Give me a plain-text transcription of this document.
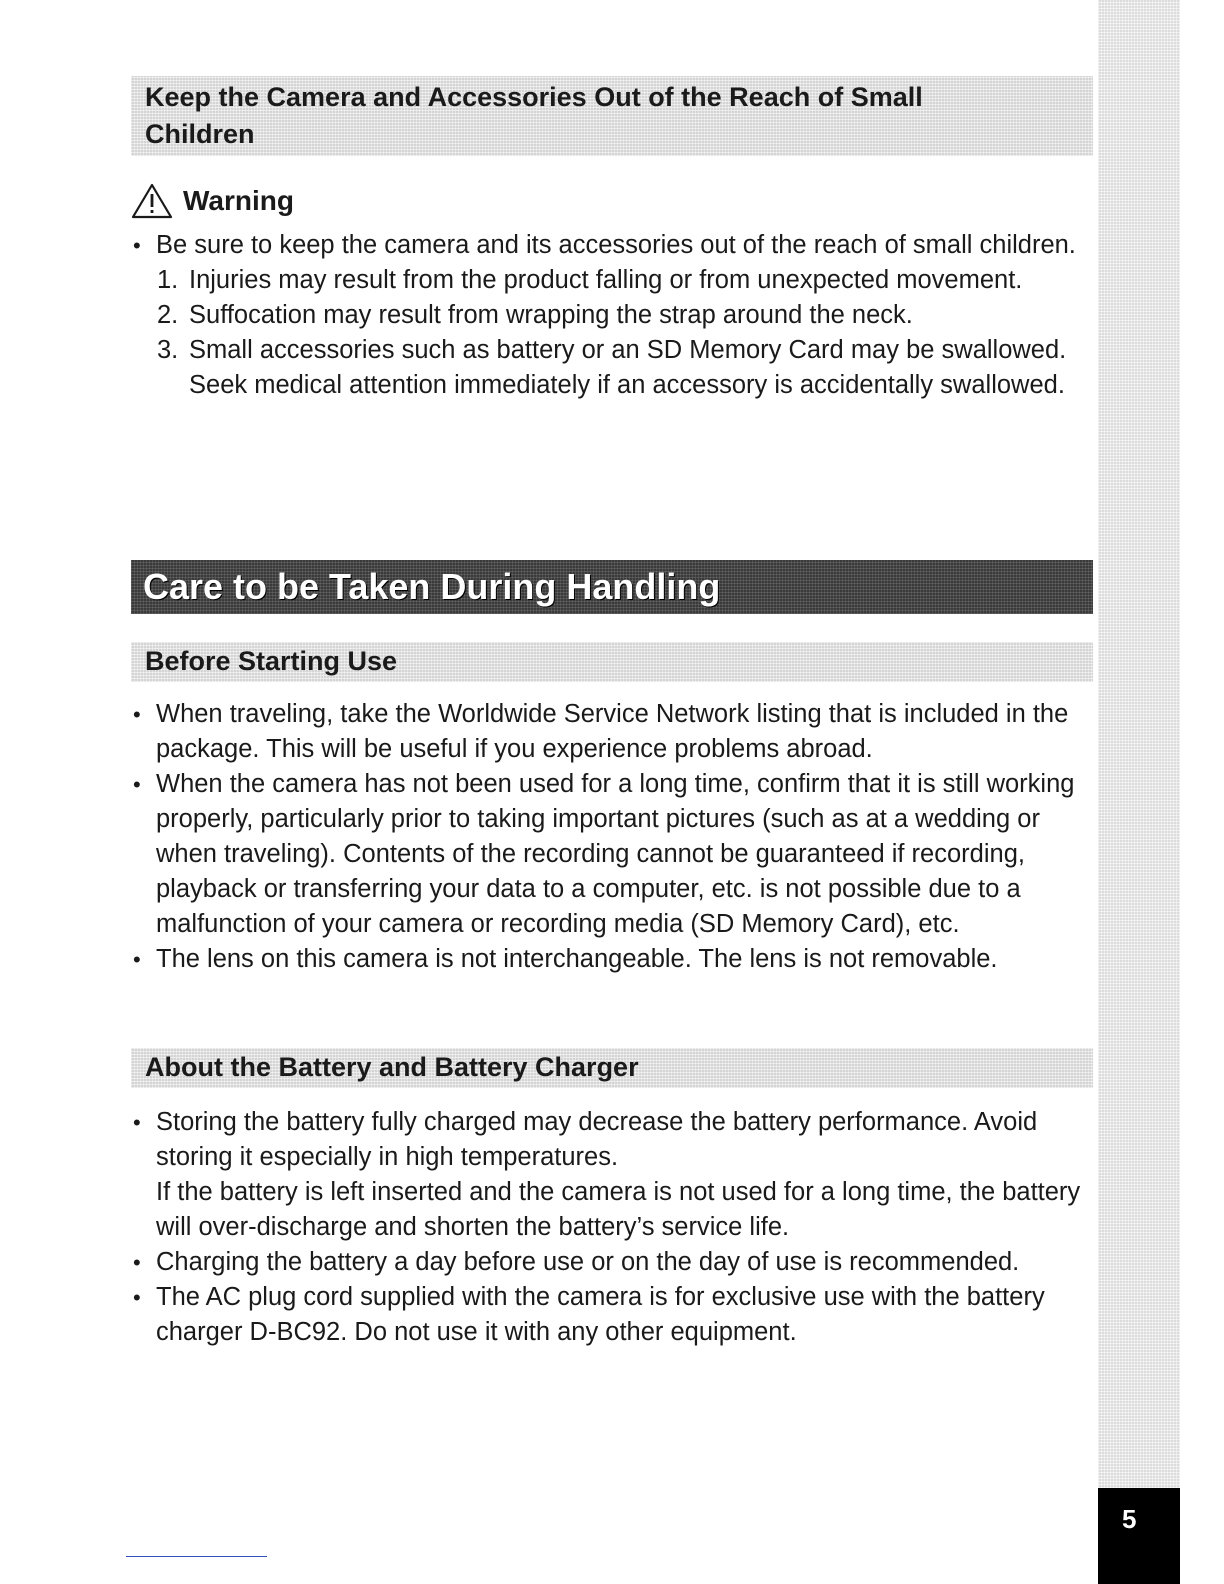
5
Keep the Camera and Accessories Out of the Reach of Small
Children
Warning
• Be sure to keep the camera and its accessories out of the reach of small children.
1. Injuries may result from the product falling or from unexpected movement.
2. Suffocation may result from wrapping the strap around the neck.
3. Small accessories such as battery or an SD Memory Card may be swallowed. Seek medical attention immediately if an accessory is accidentally swallowed.
Care to be Taken During Handling
Before Starting Use
• When traveling, take the Worldwide Service Network listing that is included in the package. This will be useful if you experience problems abroad.
• When the camera has not been used for a long time, confirm that it is still working properly, particularly prior to taking important pictures (such as at a wedding or when traveling). Contents of the recording cannot be guaranteed if recording, playback or transferring your data to a computer, etc. is not possible due to a malfunction of your camera or recording media (SD Memory Card), etc.
• The lens on this camera is not interchangeable. The lens is not removable.
About the Battery and Battery Charger
• Storing the battery fully charged may decrease the battery performance. Avoid storing it especially in high temperatures.
If the battery is left inserted and the camera is not used for a long time, the battery will over-discharge and shorten the battery’s service life.
• Charging the battery a day before use or on the day of use is recommended.
• The AC plug cord supplied with the camera is for exclusive use with the battery charger D-BC92. Do not use it with any other equipment.
